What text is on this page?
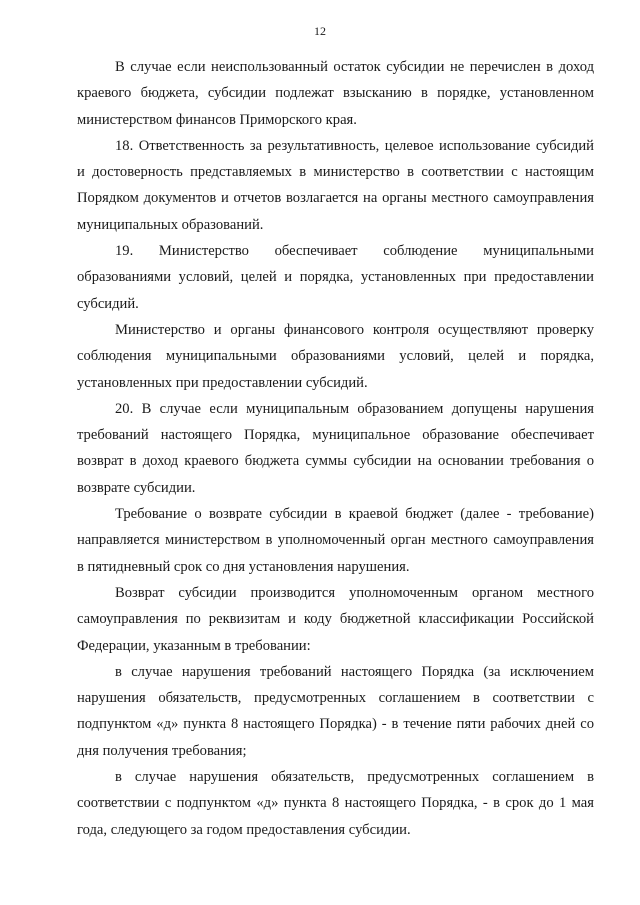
12

В случае если неиспользованный остаток субсидии не перечислен в доход краевого бюджета, субсидии подлежат взысканию в порядке, установленном министерством финансов Приморского края.

18. Ответственность за результативность, целевое использование субсидий и достоверность представляемых в министерство в соответствии с настоящим Порядком документов и отчетов возлагается на органы местного самоуправления муниципальных образований.

19. Министерство обеспечивает соблюдение муниципальными образованиями условий, целей и порядка, установленных при предоставлении субсидий.

Министерство и органы финансового контроля осуществляют проверку соблюдения муниципальными образованиями условий, целей и порядка, установленных при предоставлении субсидий.

20. В случае если муниципальным образованием допущены нарушения требований настоящего Порядка, муниципальное образование обеспечивает возврат в доход краевого бюджета суммы субсидии на основании требования о возврате субсидии.

Требование о возврате субсидии в краевой бюджет (далее - требование) направляется министерством в уполномоченный орган местного самоуправления в пятидневный срок со дня установления нарушения.

Возврат субсидии производится уполномоченным органом местного самоуправления по реквизитам и коду бюджетной классификации Российской Федерации, указанным в требовании:

в случае нарушения требований настоящего Порядка (за исключением нарушения обязательств, предусмотренных соглашением в соответствии с подпунктом «д» пункта 8 настоящего Порядка) - в течение пяти рабочих дней со дня получения требования;

в случае нарушения обязательств, предусмотренных соглашением в соответствии с подпунктом «д» пункта 8 настоящего Порядка, - в срок до 1 мая года, следующего за годом предоставления субсидии.
